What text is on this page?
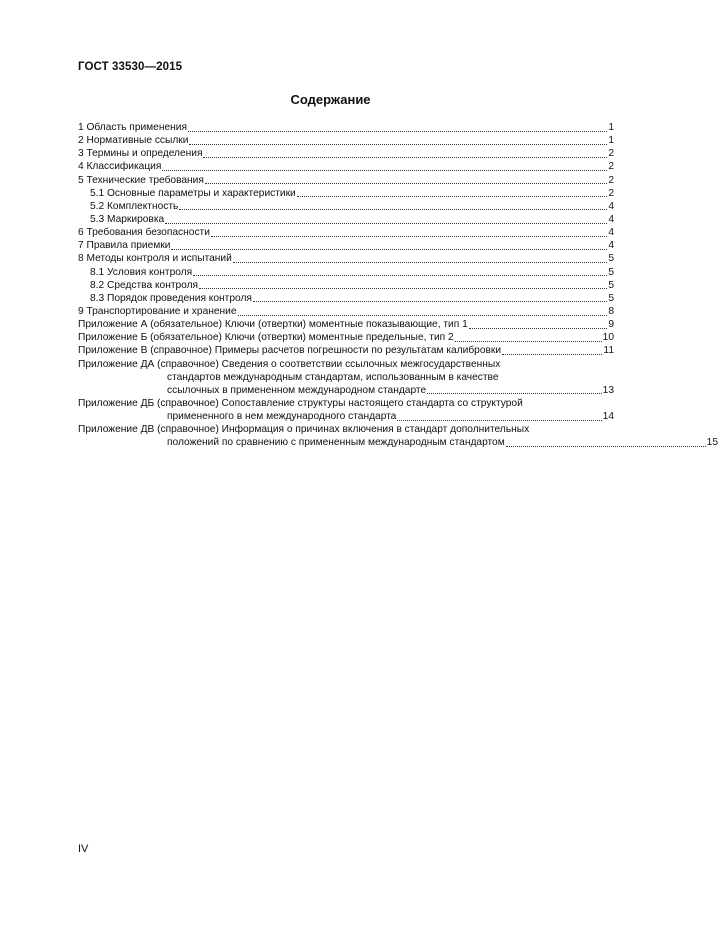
ГОСТ 33530—2015
Содержание
1 Область применения	1
2 Нормативные ссылки	1
3 Термины и определения	2
4 Классификация	2
5 Технические требования	2
5.1 Основные параметры и характеристики	2
5.2 Комплектность	4
5.3 Маркировка	4
6 Требования безопасности	4
7 Правила приемки	4
8 Методы контроля и испытаний	5
8.1 Условия контроля	5
8.2 Средства контроля	5
8.3 Порядок проведения контроля	5
9 Транспортирование и хранение	8
Приложение А (обязательное) Ключи (отвертки) моментные показывающие, тип 1	9
Приложение Б (обязательное) Ключи (отвертки) моментные предельные, тип 2	10
Приложение В (справочное) Примеры расчетов погрешности по результатам калибровки	11
Приложение ДА (справочное) Сведения о соответствии ссылочных межгосударственных
стандартов международным стандартам, использованным в качестве
ссылочных в примененном международном стандарте	13
Приложение ДБ (справочное) Сопоставление структуры настоящего стандарта со структурой
примененного в нем международного стандарта	14
Приложение ДВ (справочное) Информация о причинах включения в стандарт дополнительных
положений по сравнению с примененным международным стандартом	15
IV
